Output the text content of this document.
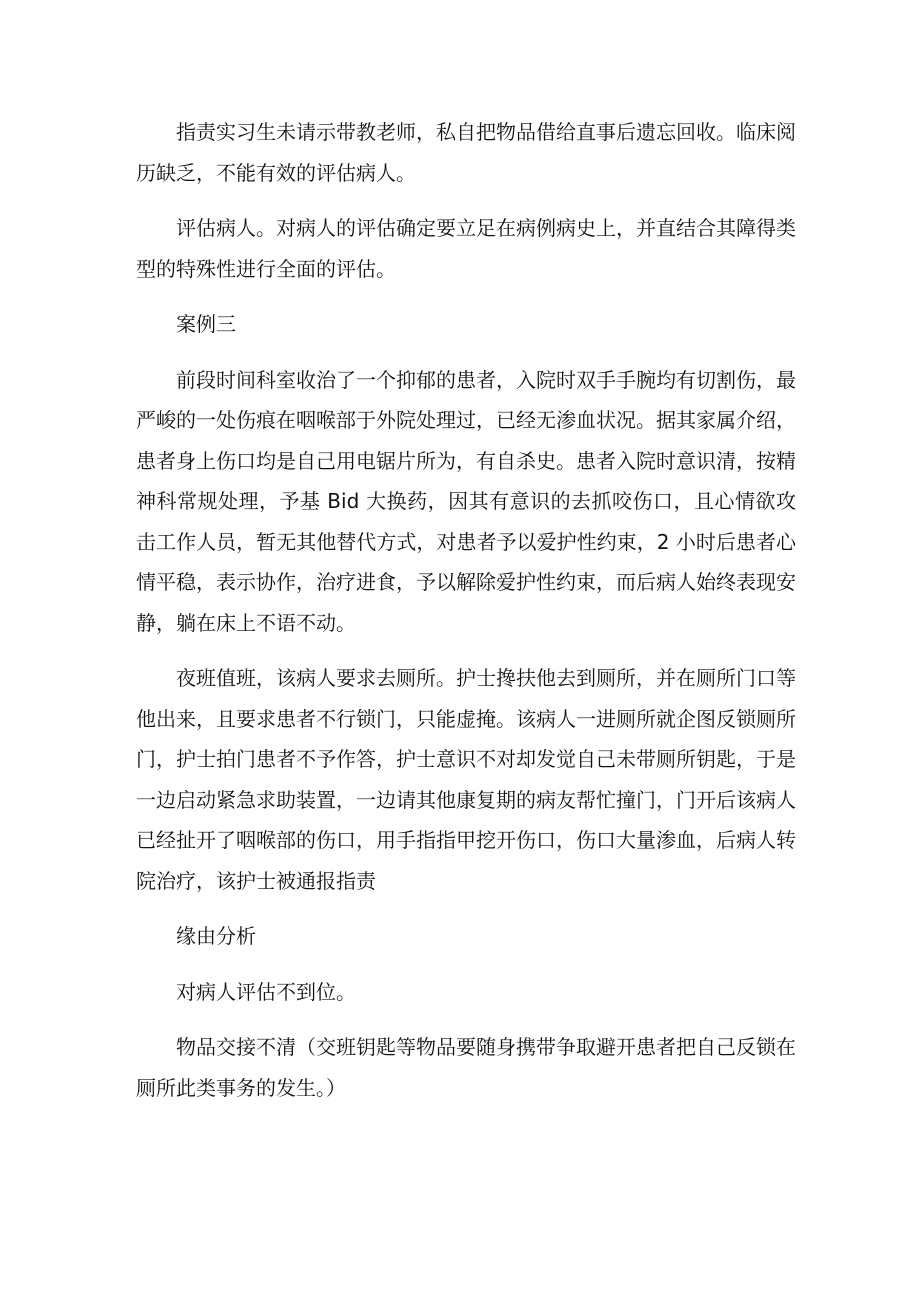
指责实习生未请示带教老师，私自把物品借给直事后遗忘回收。临床阅历缺乏，不能有效的评估病人。

评估病人。对病人的评估确定要立足在病例病史上，并直结合其障得类型的特殊性进行全面的评估。

案例三

前段时间科室收治了一个抑郁的患者，入院时双手手腕均有切割伤，最严峻的一处伤痕在咽喉部于外院处理过，已经无渗血状况。据其家属介绍，患者身上伤口均是自己用电锯片所为，有自杀史。患者入院时意识清，按精神科常规处理，予基 Bid 大换药，因其有意识的去抓咬伤口，且心情欲攻击工作人员，暂无其他替代方式，对患者予以爱护性约束，2 小时后患者心情平稳，表示协作，治疗进食，予以解除爱护性约束，而后病人始终表现安静，躺在床上不语不动。

夜班值班，该病人要求去厕所。护士搀扶他去到厕所，并在厕所门口等他出来，且要求患者不行锁门，只能虚掩。该病人一进厕所就企图反锁厕所门，护士拍门患者不予作答，护士意识不对却发觉自己未带厕所钥匙，于是一边启动紧急求助装置，一边请其他康复期的病友帮忙撞门，门开后该病人已经扯开了咽喉部的伤口，用手指指甲挖开伤口，伤口大量渗血，后病人转院治疗，该护士被通报指责

缘由分析

对病人评估不到位。

物品交接不清（交班钥匙等物品要随身携带争取避开患者把自己反锁在厕所此类事务的发生。）
